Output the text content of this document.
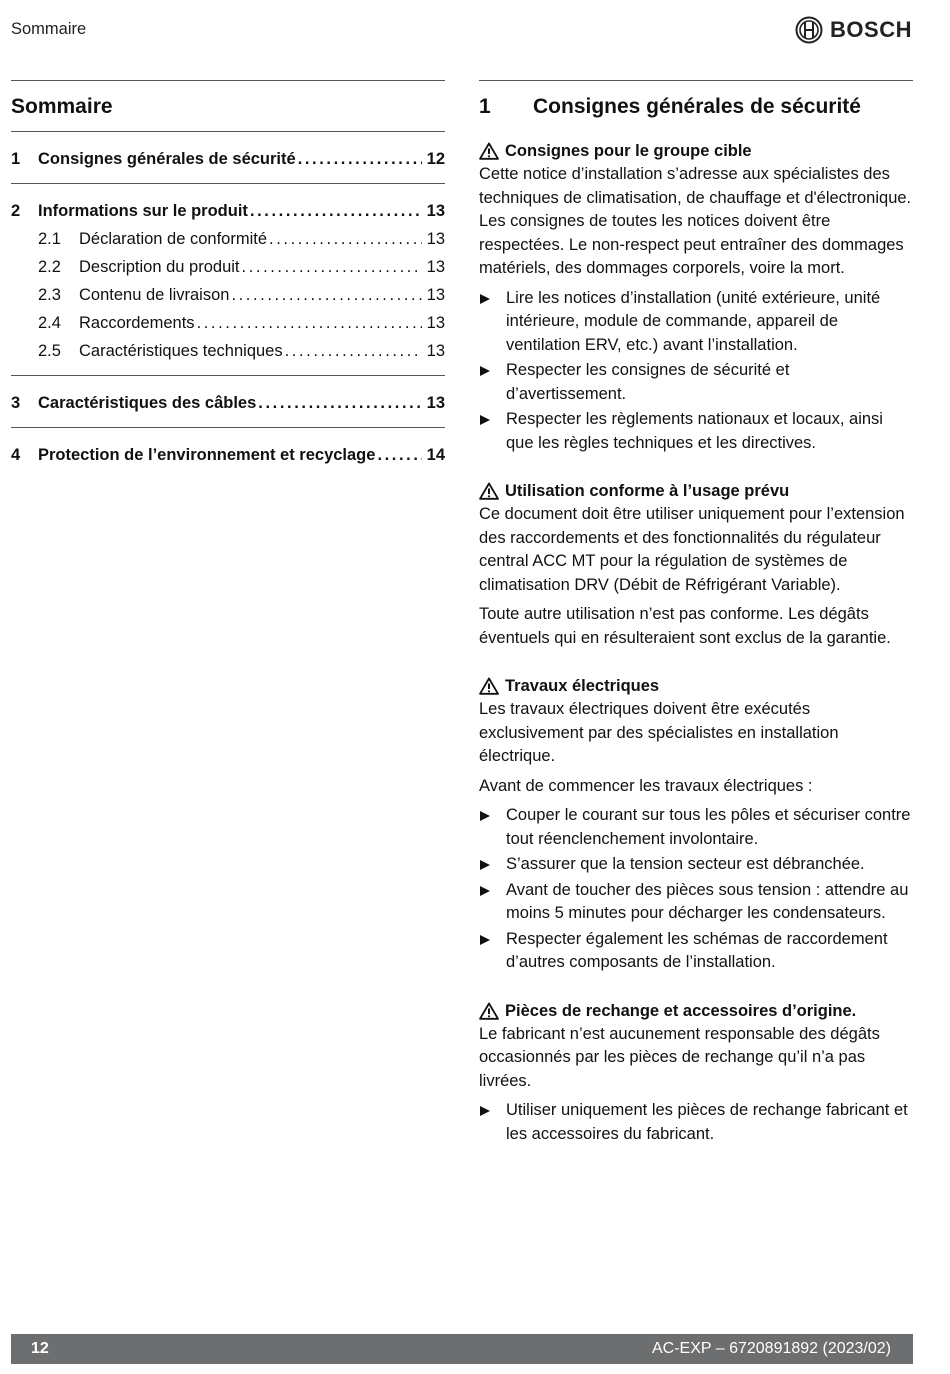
Sommaire	BOSCH
Sommaire
1	Consignes générales de sécurité .....	12
2	Informations sur le produit .....	13
2.1	Déclaration de conformité .....	13
2.2	Description du produit .....	13
2.3	Contenu de livraison .....	13
2.4	Raccordements .....	13
2.5	Caractéristiques techniques .....	13
3	Caractéristiques des câbles .....	13
4	Protection de l’environnement et recyclage .....	14
1	Consignes générales de sécurité
Consignes pour le groupe cible
Cette notice d’installation s’adresse aux spécialistes des techniques de climatisation, de chauffage et d'électronique. Les consignes de toutes les notices doivent être respectées. Le non-respect peut entraîner des dommages matériels, des dommages corporels, voire la mort.
Lire les notices d’installation (unité extérieure, unité intérieure, module de commande, appareil de ventilation ERV, etc.) avant l’installation.
Respecter les consignes de sécurité et d’avertissement.
Respecter les règlements nationaux et locaux, ainsi que les règles techniques et les directives.
Utilisation conforme à l’usage prévu
Ce document doit être utiliser uniquement pour l’extension des raccordements et des fonctionnalités du régulateur central ACC MT pour la régulation de systèmes de climatisation DRV (Débit de Réfrigérant Variable).
Toute autre utilisation n’est pas conforme. Les dégâts éventuels qui en résulteraient sont exclus de la garantie.
Travaux électriques
Les travaux électriques doivent être exécutés exclusivement par des spécialistes en installation électrique.
Avant de commencer les travaux électriques :
Couper le courant sur tous les pôles et sécuriser contre tout réenclenchement involontaire.
S’assurer que la tension secteur est débranchée.
Avant de toucher des pièces sous tension : attendre au moins 5 minutes pour décharger les condensateurs.
Respecter également les schémas de raccordement d’autres composants de l’installation.
Pièces de rechange et accessoires d’origine.
Le fabricant n’est aucunement responsable des dégâts occasionnés par les pièces de rechange qu’il n’a pas livrées.
Utiliser uniquement les pièces de rechange fabricant et les accessoires du fabricant.
12	AC-EXP – 6720891892 (2023/02)
